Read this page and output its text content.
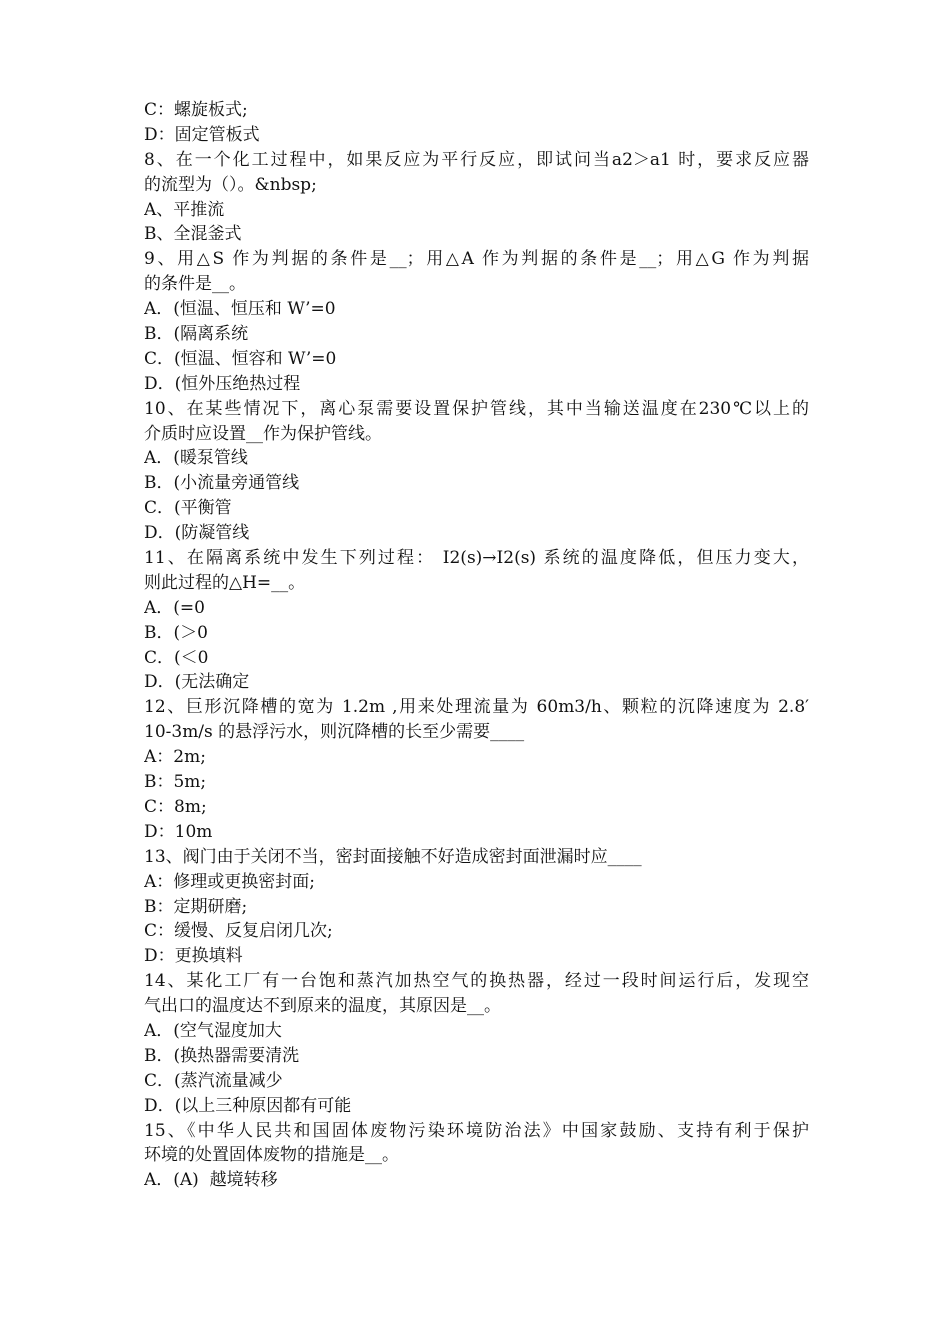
C：螺旋板式;
D：固定管板式
8、在一个化工过程中，如果反应为平行反应，即试问当a2＞a1 时，要求反应器
的流型为（）。&nbsp;
A、平推流
B、全混釜式
9、用△S 作为判据的条件是__；用△A 作为判据的条件是__；用△G 作为判据
的条件是__。
A．(恒温、恒压和 W’=0
B．(隔离系统
C．(恒温、恒容和 W’=0
D．(恒外压绝热过程
10、在某些情况下，离心泵需要设置保护管线，其中当输送温度在230℃以上的
介质时应设置__作为保护管线。
A．(暖泵管线
B．(小流量旁通管线
C．(平衡管
D．(防凝管线
11、在隔离系统中发生下列过程： I2(s)→I2(s) 系统的温度降低，但压力变大，
则此过程的△H=__。
A．(=0
B．(＞0
C．(＜0
D．(无法确定
12、巨形沉降槽的宽为 1.2m ,用来处理流量为 60m3/h、颗粒的沉降速度为 2.8′
10-3m/s 的悬浮污水，则沉降槽的长至少需要____
A：2m;
B：5m;
C：8m;
D：10m
13、阀门由于关闭不当，密封面接触不好造成密封面泄漏时应____
A：修理或更换密封面;
B：定期研磨;
C：缓慢、反复启闭几次;
D：更换填料
14、某化工厂有一台饱和蒸汽加热空气的换热器，经过一段时间运行后，发现空
气出口的温度达不到原来的温度，其原因是__。
A．(空气湿度加大
B．(换热器需要清洗
C．(蒸汽流量减少
D．(以上三种原因都有可能
15、《中华人民共和国固体废物污染环境防治法》中国家鼓励、支持有利于保护
环境的处置固体废物的措施是__。
A．(A)  越境转移
